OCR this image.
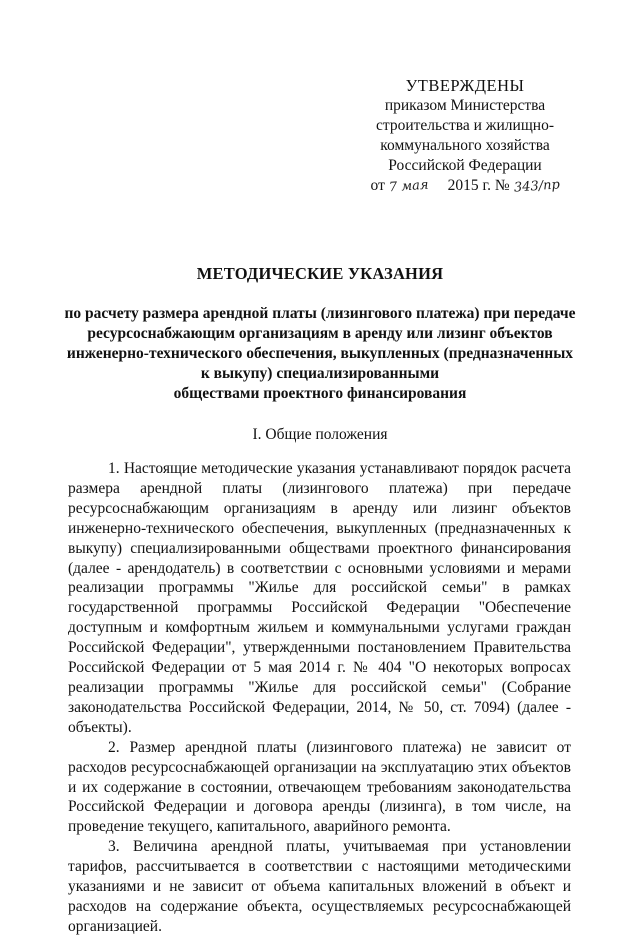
УТВЕРЖДЕНЫ
приказом Министерства
строительства и жилищно-
коммунального хозяйства
Российской Федерации
от 7 мая 2015 г. № 343/пр
МЕТОДИЧЕСКИЕ УКАЗАНИЯ
по расчету размера арендной платы (лизингового платежа) при передаче
ресурсоснабжающим организациям в аренду или лизинг объектов
инженерно-технического обеспечения, выкупленных (предназначенных
к выкупу) специализированными
обществами проектного финансирования
I. Общие положения

1. Настоящие методические указания устанавливают порядок расчета размера арендной платы (лизингового платежа) при передаче ресурсоснабжающим организациям в аренду или лизинг объектов инженерно-технического обеспечения, выкупленных (предназначенных к выкупу) специализированными обществами проектного финансирования (далее - арендодатель) в соответствии с основными условиями и мерами реализации программы "Жилье для российской семьи" в рамках государственной программы Российской Федерации "Обеспечение доступным и комфортным жильем и коммунальными услугами граждан Российской Федерации", утвержденными постановлением Правительства Российской Федерации от 5 мая 2014 г. № 404 "О некоторых вопросах реализации программы "Жилье для российской семьи" (Собрание законодательства Российской Федерации, 2014, № 50, ст. 7094) (далее - объекты).

2. Размер арендной платы (лизингового платежа) не зависит от расходов ресурсоснабжающей организации на эксплуатацию этих объектов и их содержание в состоянии, отвечающем требованиям законодательства Российской Федерации и договора аренды (лизинга), в том числе, на проведение текущего, капитального, аварийного ремонта.

3. Величина арендной платы, учитываемая при установлении тарифов, рассчитывается в соответствии с настоящими методическими указаниями и не зависит от объема капитальных вложений в объект и расходов на содержание объекта, осуществляемых ресурсоснабжающей организацией.
